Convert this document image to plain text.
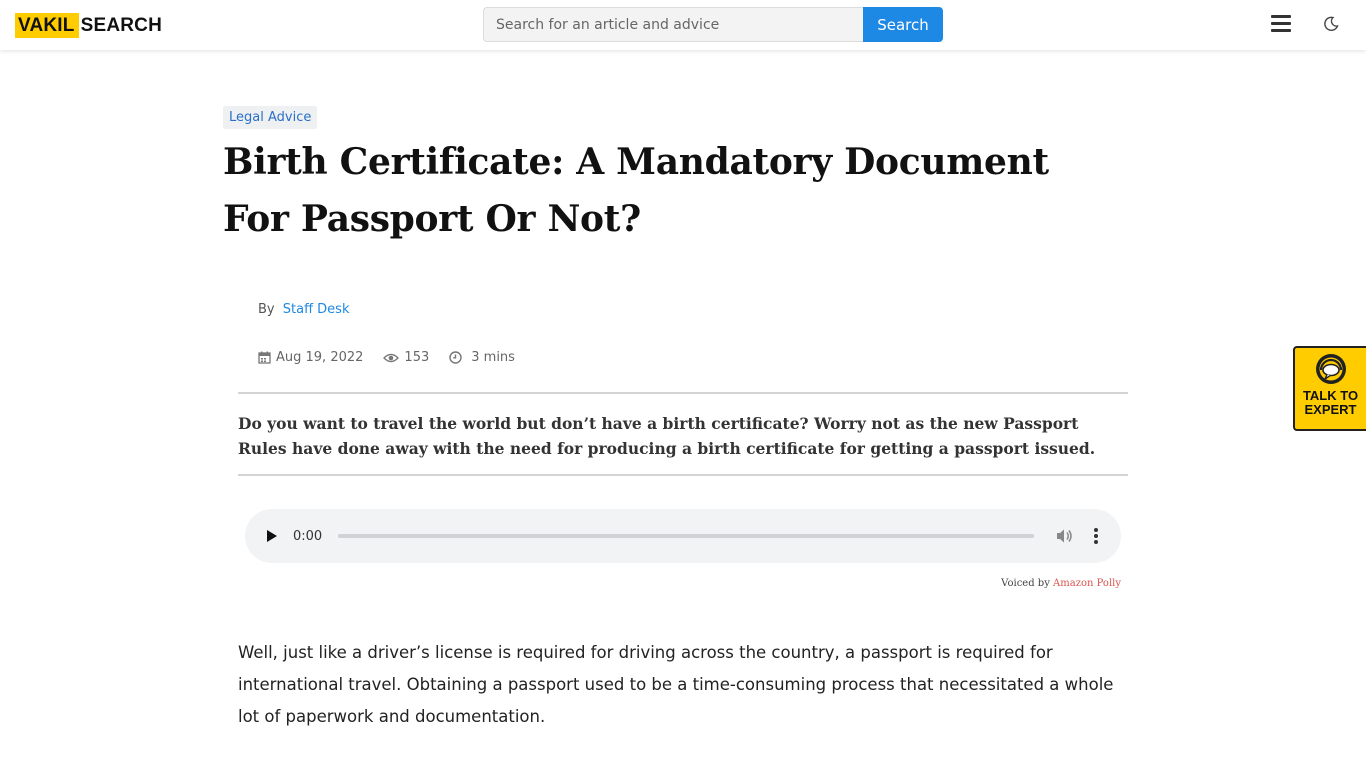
VAKIL SEARCH
Search for an article and advice	Search
Legal Advice
Birth Certificate: A Mandatory Document For Passport Or Not?
By Staff Desk
Aug 19, 2022	153	3 mins
Do you want to travel the world but don’t have a birth certificate? Worry not as the new Passport Rules have done away with the need for producing a birth certificate for getting a passport issued.
0:00
Voiced by Amazon Polly

Well, just like a driver’s license is required for driving across the country, a passport is required for international travel. Obtaining a passport used to be a time-consuming process that necessitated a whole lot of paperwork and documentation.

TALK TO
EXPERT
